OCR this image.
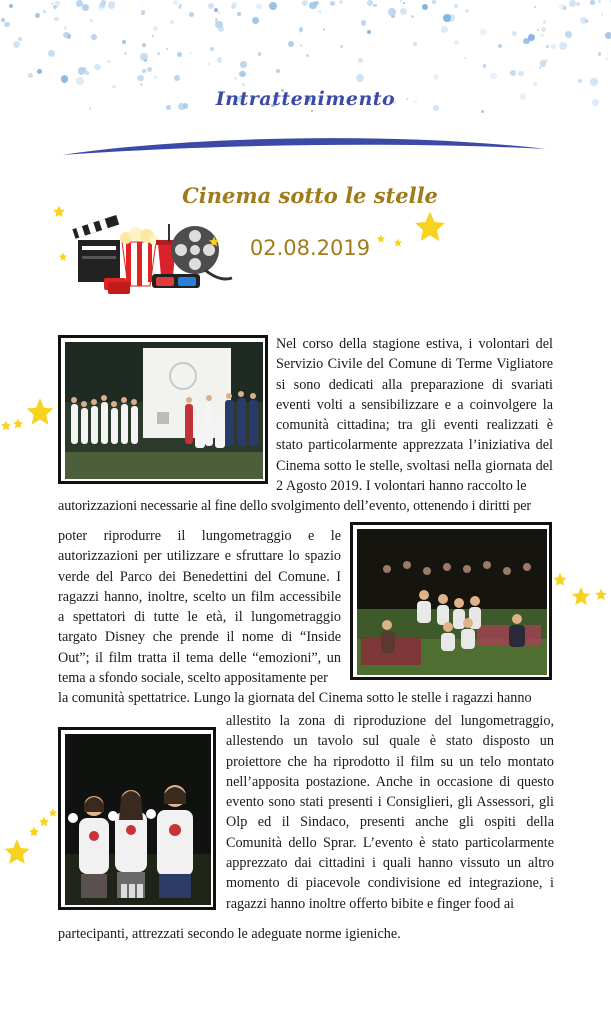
Intrattenimento
Cinema sotto le stelle
02.08.2019

Nel corso della stagione estiva, i volontari del Servizio Civile del Comune di Terme Vigliatore si sono dedicati alla preparazione di svariati eventi volti a sensibilizzare e a coinvolgere la comunità cittadina; tra gli eventi realizzati è stato particolarmente apprezzata l’iniziativa del Cinema sotto le stelle, svoltasi nella giornata del 2 Agosto 2019. I volontari hanno raccolto le

autorizzazioni necessarie al fine dello svolgimento dell’evento, ottenendo i diritti per

poter riprodurre il lungometraggio e le autorizzazioni per utilizzare e sfruttare lo spazio verde del Parco dei Benedettini del Comune. I ragazzi hanno, inoltre, scelto un film accessibile a spettatori di tutte le età, il lungometraggio targato Disney che prende il nome di “Inside Out”; il film tratta il tema delle “emozioni”, un tema a sfondo sociale, scelto appositamente per

la comunità spettatrice. Lungo la giornata del Cinema sotto le stelle i ragazzi hanno

allestito la zona di riproduzione del lungometraggio, allestendo un tavolo sul quale è stato disposto un proiettore che ha riprodotto il film su un telo montato nell’apposita postazione. Anche in occasione di questo evento sono stati presenti i Consiglieri, gli Assessori, gli Olp ed il Sindaco, presenti anche gli ospiti della Comunità dello Sprar. L’evento è stato particolarmente apprezzato dai cittadini i quali hanno vissuto un altro momento di piacevole condivisione ed integrazione, i ragazzi hanno inoltre offerto bibite e finger food ai

partecipanti, attrezzati secondo le adeguate norme igieniche.
